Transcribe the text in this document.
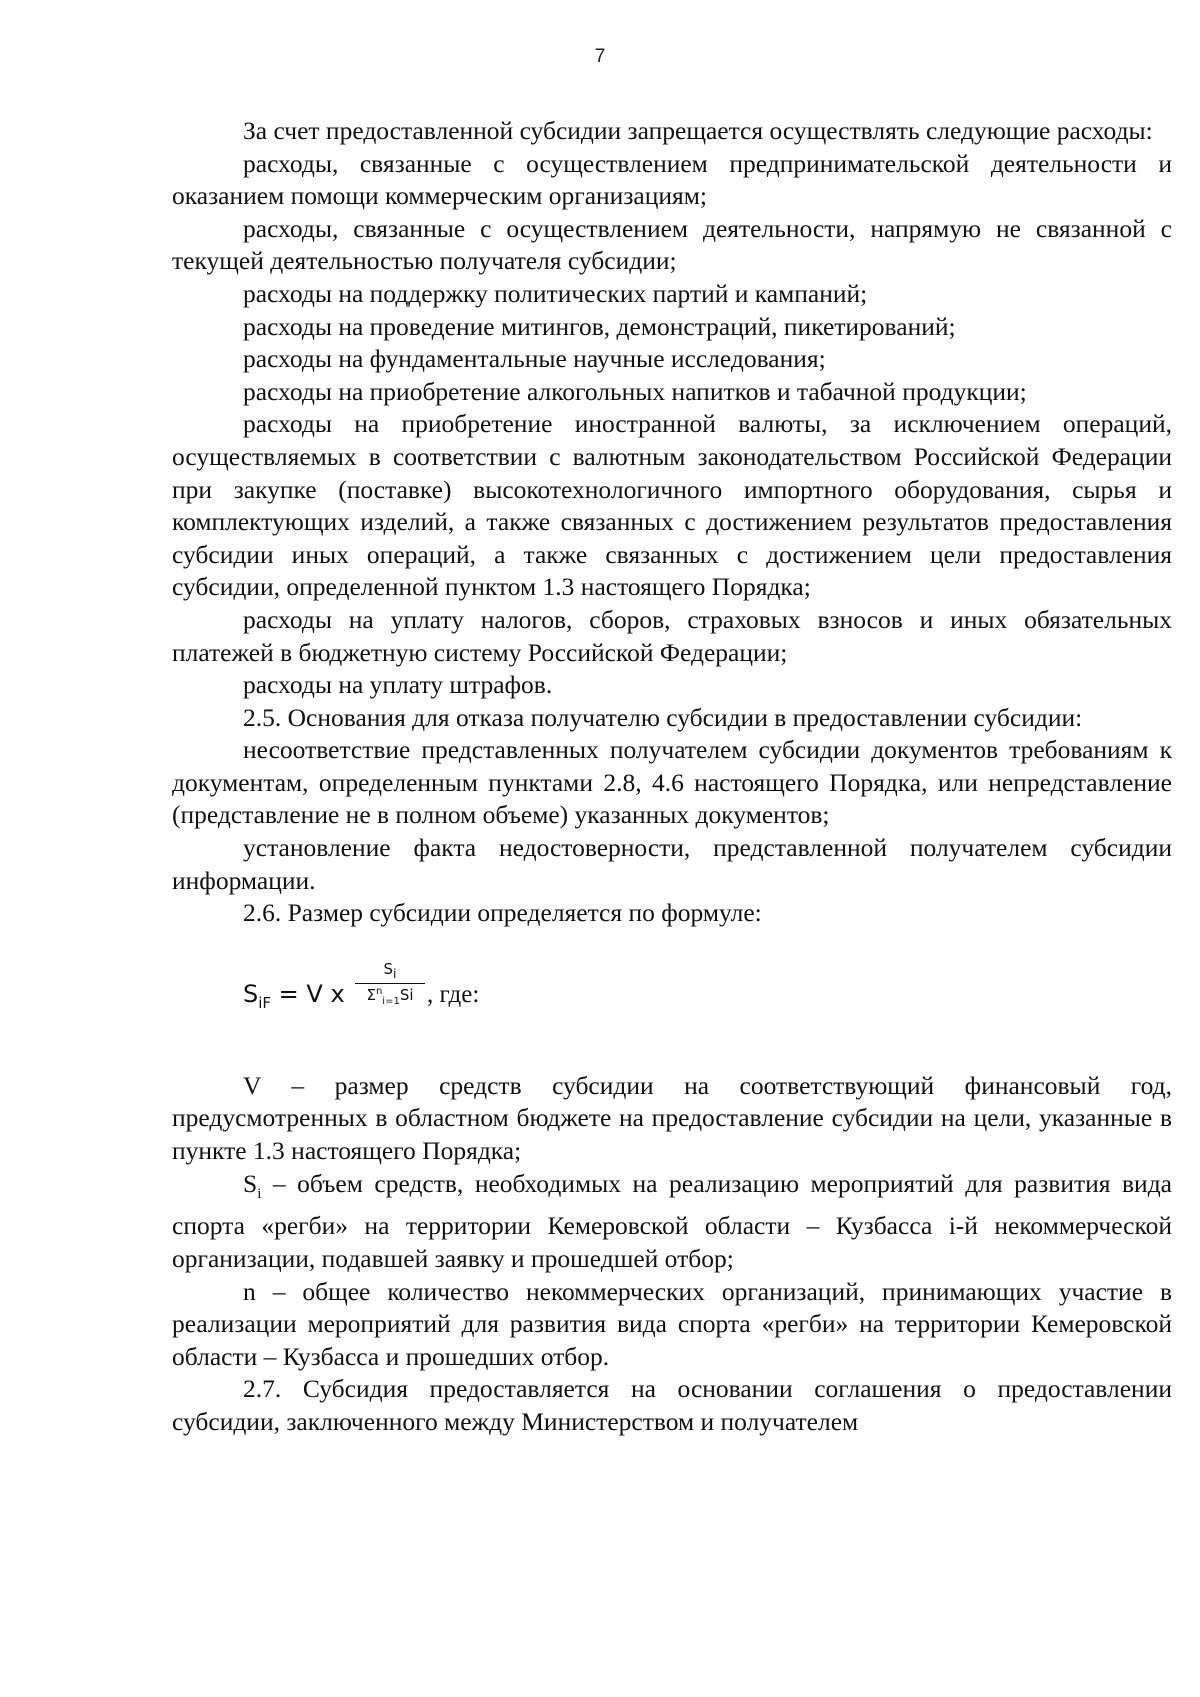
7

За счет предоставленной субсидии запрещается осуществлять следующие расходы:

расходы, связанные с осуществлением предпринимательской деятельности и оказанием помощи коммерческим организациям;

расходы, связанные с осуществлением деятельности, напрямую не связанной с текущей деятельностью получателя субсидии;

расходы на поддержку политических партий и кампаний;

расходы на проведение митингов, демонстраций, пикетирований;

расходы на фундаментальные научные исследования;

расходы на приобретение алкогольных напитков и табачной продукции;

расходы на приобретение иностранной валюты, за исключением операций, осуществляемых в соответствии с валютным законодательством Российской Федерации при закупке (поставке) высокотехнологичного импортного оборудования, сырья и комплектующих изделий, а также связанных с достижением результатов предоставления субсидии иных операций, а также связанных с достижением цели предоставления субсидии, определенной пунктом 1.3 настоящего Порядка;

расходы на уплату налогов, сборов, страховых взносов и иных обязательных платежей в бюджетную систему Российской Федерации;

расходы на уплату штрафов.

2.5. Основания для отказа получателю субсидии в предоставлении субсидии:

несоответствие представленных получателем субсидии документов требованиям к документам, определенным пунктами 2.8, 4.6 настоящего Порядка, или непредставление (представление не в полном объеме) указанных документов;

установление факта недостоверности, представленной получателем субсидии информации.

2.6. Размер субсидии определяется по формуле:

$S_{iF} = V$ x
$S_i$
$\Sigma^n_{i=1}Si$ , где:

V – размер средств субсидии на соответствующий финансовый год, предусмотренных в областном бюджете на предоставление субсидии на цели, указанные в пункте 1.3 настоящего Порядка;

$S_i$ – объем средств, необходимых на реализацию мероприятий для развития вида спорта «регби» на территории Кемеровской области – Кузбасса i-й некоммерческой организации, подавшей заявку и прошедшей отбор;

n – общее количество некоммерческих организаций, принимающих участие в реализации мероприятий для развития вида спорта «регби» на территории Кемеровской области – Кузбасса и прошедших отбор.

2.7. Субсидия предоставляется на основании соглашения о предоставлении субсидии, заключенного между Министерством и получателем
